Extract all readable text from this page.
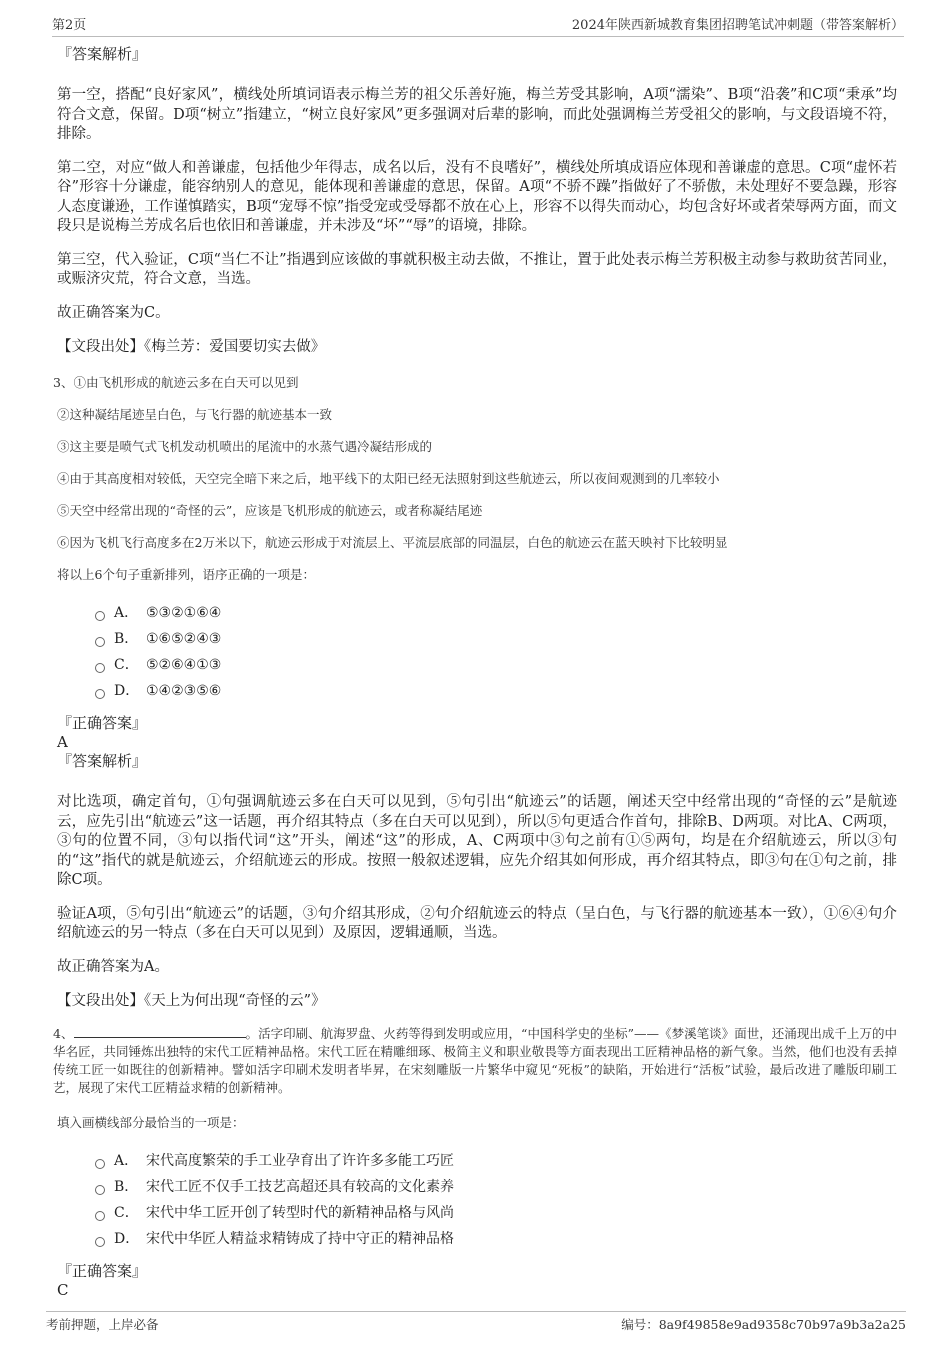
第2页	2024年陕西新城教育集团招聘笔试冲刺题（带答案解析）

『答案解析』

第一空，搭配“良好家风”，横线处所填词语表示梅兰芳的祖父乐善好施，梅兰芳受其影响，A项“濡染”、B项“沿袭”和C项“秉承”均符合文意，保留。D项“树立”指建立，“树立良好家风”更多强调对后辈的影响，而此处强调梅兰芳受祖父的影响，与文段语境不符，排除。

第二空，对应“做人和善谦虚，包括他少年得志，成名以后，没有不良嗜好”，横线处所填成语应体现和善谦虚的意思。C项“虚怀若谷”形容十分谦虚，能容纳别人的意见，能体现和善谦虚的意思，保留。A项“不骄不躁”指做好了不骄傲，未处理好不要急躁，形容人态度谦逊，工作谨慎踏实，B项“宠辱不惊”指受宠或受辱都不放在心上，形容不以得失而动心，均包含好坏或者荣辱两方面，而文段只是说梅兰芳成名后也依旧和善谦虚，并未涉及“坏”“辱”的语境，排除。

第三空，代入验证，C项“当仁不让”指遇到应该做的事就积极主动去做，不推让，置于此处表示梅兰芳积极主动参与救助贫苦同业，或赈济灾荒，符合文意，当选。

故正确答案为C。

【文段出处】《梅兰芳：爱国要切实去做》

3、①由飞机形成的航迹云多在白天可以见到

②这种凝结尾迹呈白色，与飞行器的航迹基本一致

③这主要是喷气式飞机发动机喷出的尾流中的水蒸气遇冷凝结形成的

④由于其高度相对较低，天空完全暗下来之后，地平线下的太阳已经无法照射到这些航迹云，所以夜间观测到的几率较小

⑤天空中经常出现的“奇怪的云”，应该是飞机形成的航迹云，或者称凝结尾迹

⑥因为飞机飞行高度多在2万米以下，航迹云形成于对流层上、平流层底部的同温层，白色的航迹云在蓝天映衬下比较明显

将以上6个句子重新排列，语序正确的一项是：

A． ⑤③②①⑥④
B． ①⑥⑤②④③
C． ⑤②⑥④①③
D． ①④②③⑤⑥

『正确答案』

A

『答案解析』

对比选项，确定首句，①句强调航迹云多在白天可以见到，⑤句引出“航迹云”的话题，阐述天空中经常出现的“奇怪的云”是航迹云，应先引出“航迹云”这一话题，再介绍其特点（多在白天可以见到），所以⑤句更适合作首句，排除B、D两项。对比A、C两项，③句的位置不同，③句以指代词“这”开头，阐述“这”的形成，A、C两项中③句之前有①⑤两句，均是在介绍航迹云，所以③句的“这”指代的就是航迹云，介绍航迹云的形成。按照一般叙述逻辑，应先介绍其如何形成，再介绍其特点，即③句在①句之前，排除C项。

验证A项，⑤句引出“航迹云”的话题，③句介绍其形成，②句介绍航迹云的特点（呈白色，与飞行器的航迹基本一致），①⑥④句介绍航迹云的另一特点（多在白天可以见到）及原因，逻辑通顺，当选。

故正确答案为A。

【文段出处】《天上为何出现“奇怪的云”》

4、	。活字印刷、航海罗盘、火药等得到发明或应用，“中国科学史的坐标”——《梦溪笔谈》面世，还涌现出成千上万的中华名匠，共同锤炼出独特的宋代工匠精神品格。宋代工匠在精雕细琢、极简主义和职业敬畏等方面表现出工匠精神品格的新气象。当然，他们也没有丢掉传统工匠一如既往的创新精神。譬如活字印刷术发明者毕昇，在宋刻雕版一片繁华中窥见“死板”的缺陷，开始进行“活板”试验，最后改进了雕版印刷工艺，展现了宋代工匠精益求精的创新精神。

填入画横线部分最恰当的一项是：

A． 宋代高度繁荣的手工业孕育出了许许多多能工巧匠
B． 宋代工匠不仅手工技艺高超还具有较高的文化素养
C． 宋代中华工匠开创了转型时代的新精神品格与风尚
D． 宋代中华匠人精益求精铸成了持中守正的精神品格

『正确答案』

C

考前押题，上岸必备	编号：8a9f49858e9ad9358c70b97a9b3a2a25
